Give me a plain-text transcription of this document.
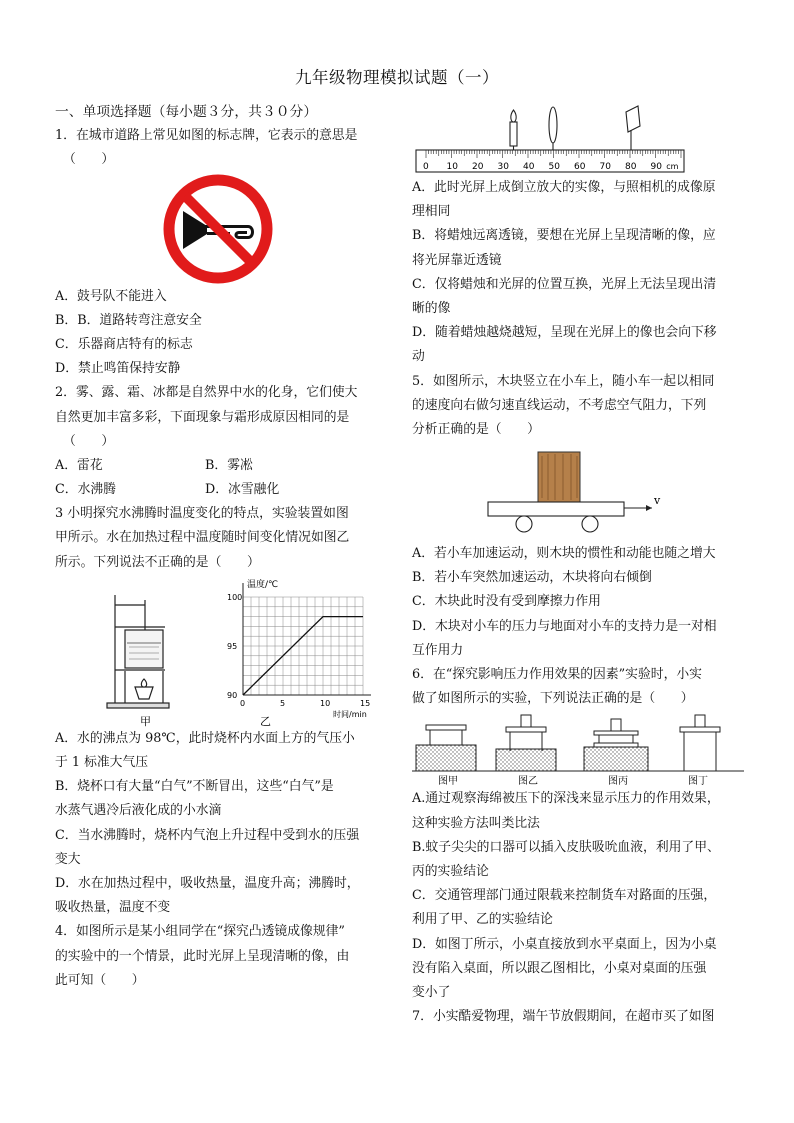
九年级物理模拟试题（一）
一、单项选择题（每小题３分，共３０分）
1．在城市道路上常见如图的标志牌，它表示的意思是
（　　）
A．鼓号队不能进入
B．B．道路转弯注意安全
C．乐器商店特有的标志
D．禁止鸣笛保持安静
2．雾、露、霜、冰都是自然界中水的化身，它们使大
自然更加丰富多彩，下面现象与霜形成原因相同的是
（　　）
A．雷花	B．雾凇
C．水沸腾	D．冰雪融化
3 小明探究水沸腾时温度变化的特点，实验装置如图
甲所示。水在加热过程中温度随时间变化情况如图乙
所示。下列说法不正确的是（　　）
甲
0	5	10	15
90
95
100
温度/℃
时间/min
乙
A．水的沸点为 98℃，此时烧杯内水面上方的气压小
于 1 标准大气压
B．烧杯口有大量“白气”不断冒出，这些“白气”是
水蒸气遇冷后液化成的小水滴
C．当水沸腾时，烧杯内气泡上升过程中受到水的压强
变大
D．水在加热过程中，吸收热量，温度升高；沸腾时，
吸收热量，温度不变
4．如图所示是某小组同学在“探究凸透镜成像规律”
的实验中的一个情景，此时光屏上呈现清晰的像，由
此可知（　　）
0 10 20 30 40 50 60 70 80 90 cm
A．此时光屏上成倒立放大的实像，与照相机的成像原
理相同
B．将蜡烛远离透镜，要想在光屏上呈现清晰的像，应
将光屏靠近透镜
C．仅将蜡烛和光屏的位置互换，光屏上无法呈现出清
晰的像
D．随着蜡烛越烧越短，呈现在光屏上的像也会向下移
动
5．如图所示，木块竖立在小车上，随小车一起以相同
的速度向右做匀速直线运动，不考虑空气阻力，下列
分析正确的是（　　）
v
A．若小车加速运动，则木块的惯性和动能也随之增大
B．若小车突然加速运动，木块将向右倾倒
C．木块此时没有受到摩擦力作用
D．木块对小车的压力与地面对小车的支持力是一对相
互作用力
6．在“探究影响压力作用效果的因素”实验时，小实
做了如图所示的实验，下列说法正确的是（　　）
图甲	图乙	图丙	图丁
A.通过观察海绵被压下的深浅来显示压力的作用效果，
这种实验方法叫类比法
B.蚊子尖尖的口器可以插入皮肤吸吮血液，利用了甲、
丙的实验结论
C．交通管理部门通过限载来控制货车对路面的压强，
利用了甲、乙的实验结论
D．如图丁所示，小桌直接放到水平桌面上，因为小桌
没有陷入桌面，所以跟乙图相比，小桌对桌面的压强
变小了
7．小实酷爱物理，端午节放假期间，在超市买了如图
